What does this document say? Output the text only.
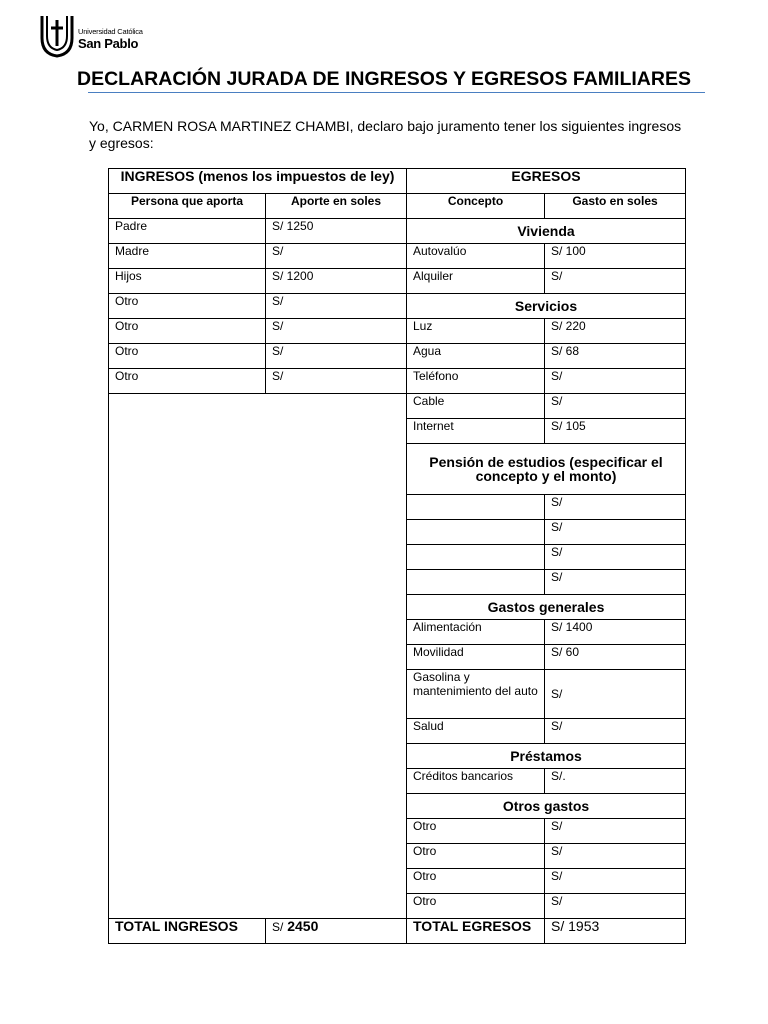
Universidad Católica
San Pablo
DECLARACIÓN JURADA DE INGRESOS Y EGRESOS FAMILIARES
Yo, CARMEN ROSA MARTINEZ CHAMBI, declaro bajo juramento tener los siguientes ingresos y egresos:
INGRESOS (menos los impuestos de ley)		EGRESOS	
Persona que aporta	Aporte en soles	Concepto	Gasto en soles
Padre	S/ 1250	Vivienda	
Madre	S/	Autovalúo	S/ 100
Hijos	S/ 1200	Alquiler	S/
Otro	S/	Servicios	
Otro	S/	Luz	S/ 220
Otro	S/	Agua	S/ 68
Otro	S/	Teléfono	S/
		Cable	S/
		Internet	S/ 105
		Pensión de estudios (especificar el concepto y el monto)	
			S/
			S/
			S/
			S/
		Gastos generales	
		Alimentación	S/ 1400
		Movilidad	S/ 60
		Gasolina y mantenimiento del auto	S/
		Salud	S/
		Préstamos	
		Créditos bancarios	S/.
		Otros gastos	
		Otro	S/
		Otro	S/
		Otro	S/
		Otro	S/
TOTAL INGRESOS	S/ 2450	TOTAL EGRESOS	S/ 1953
